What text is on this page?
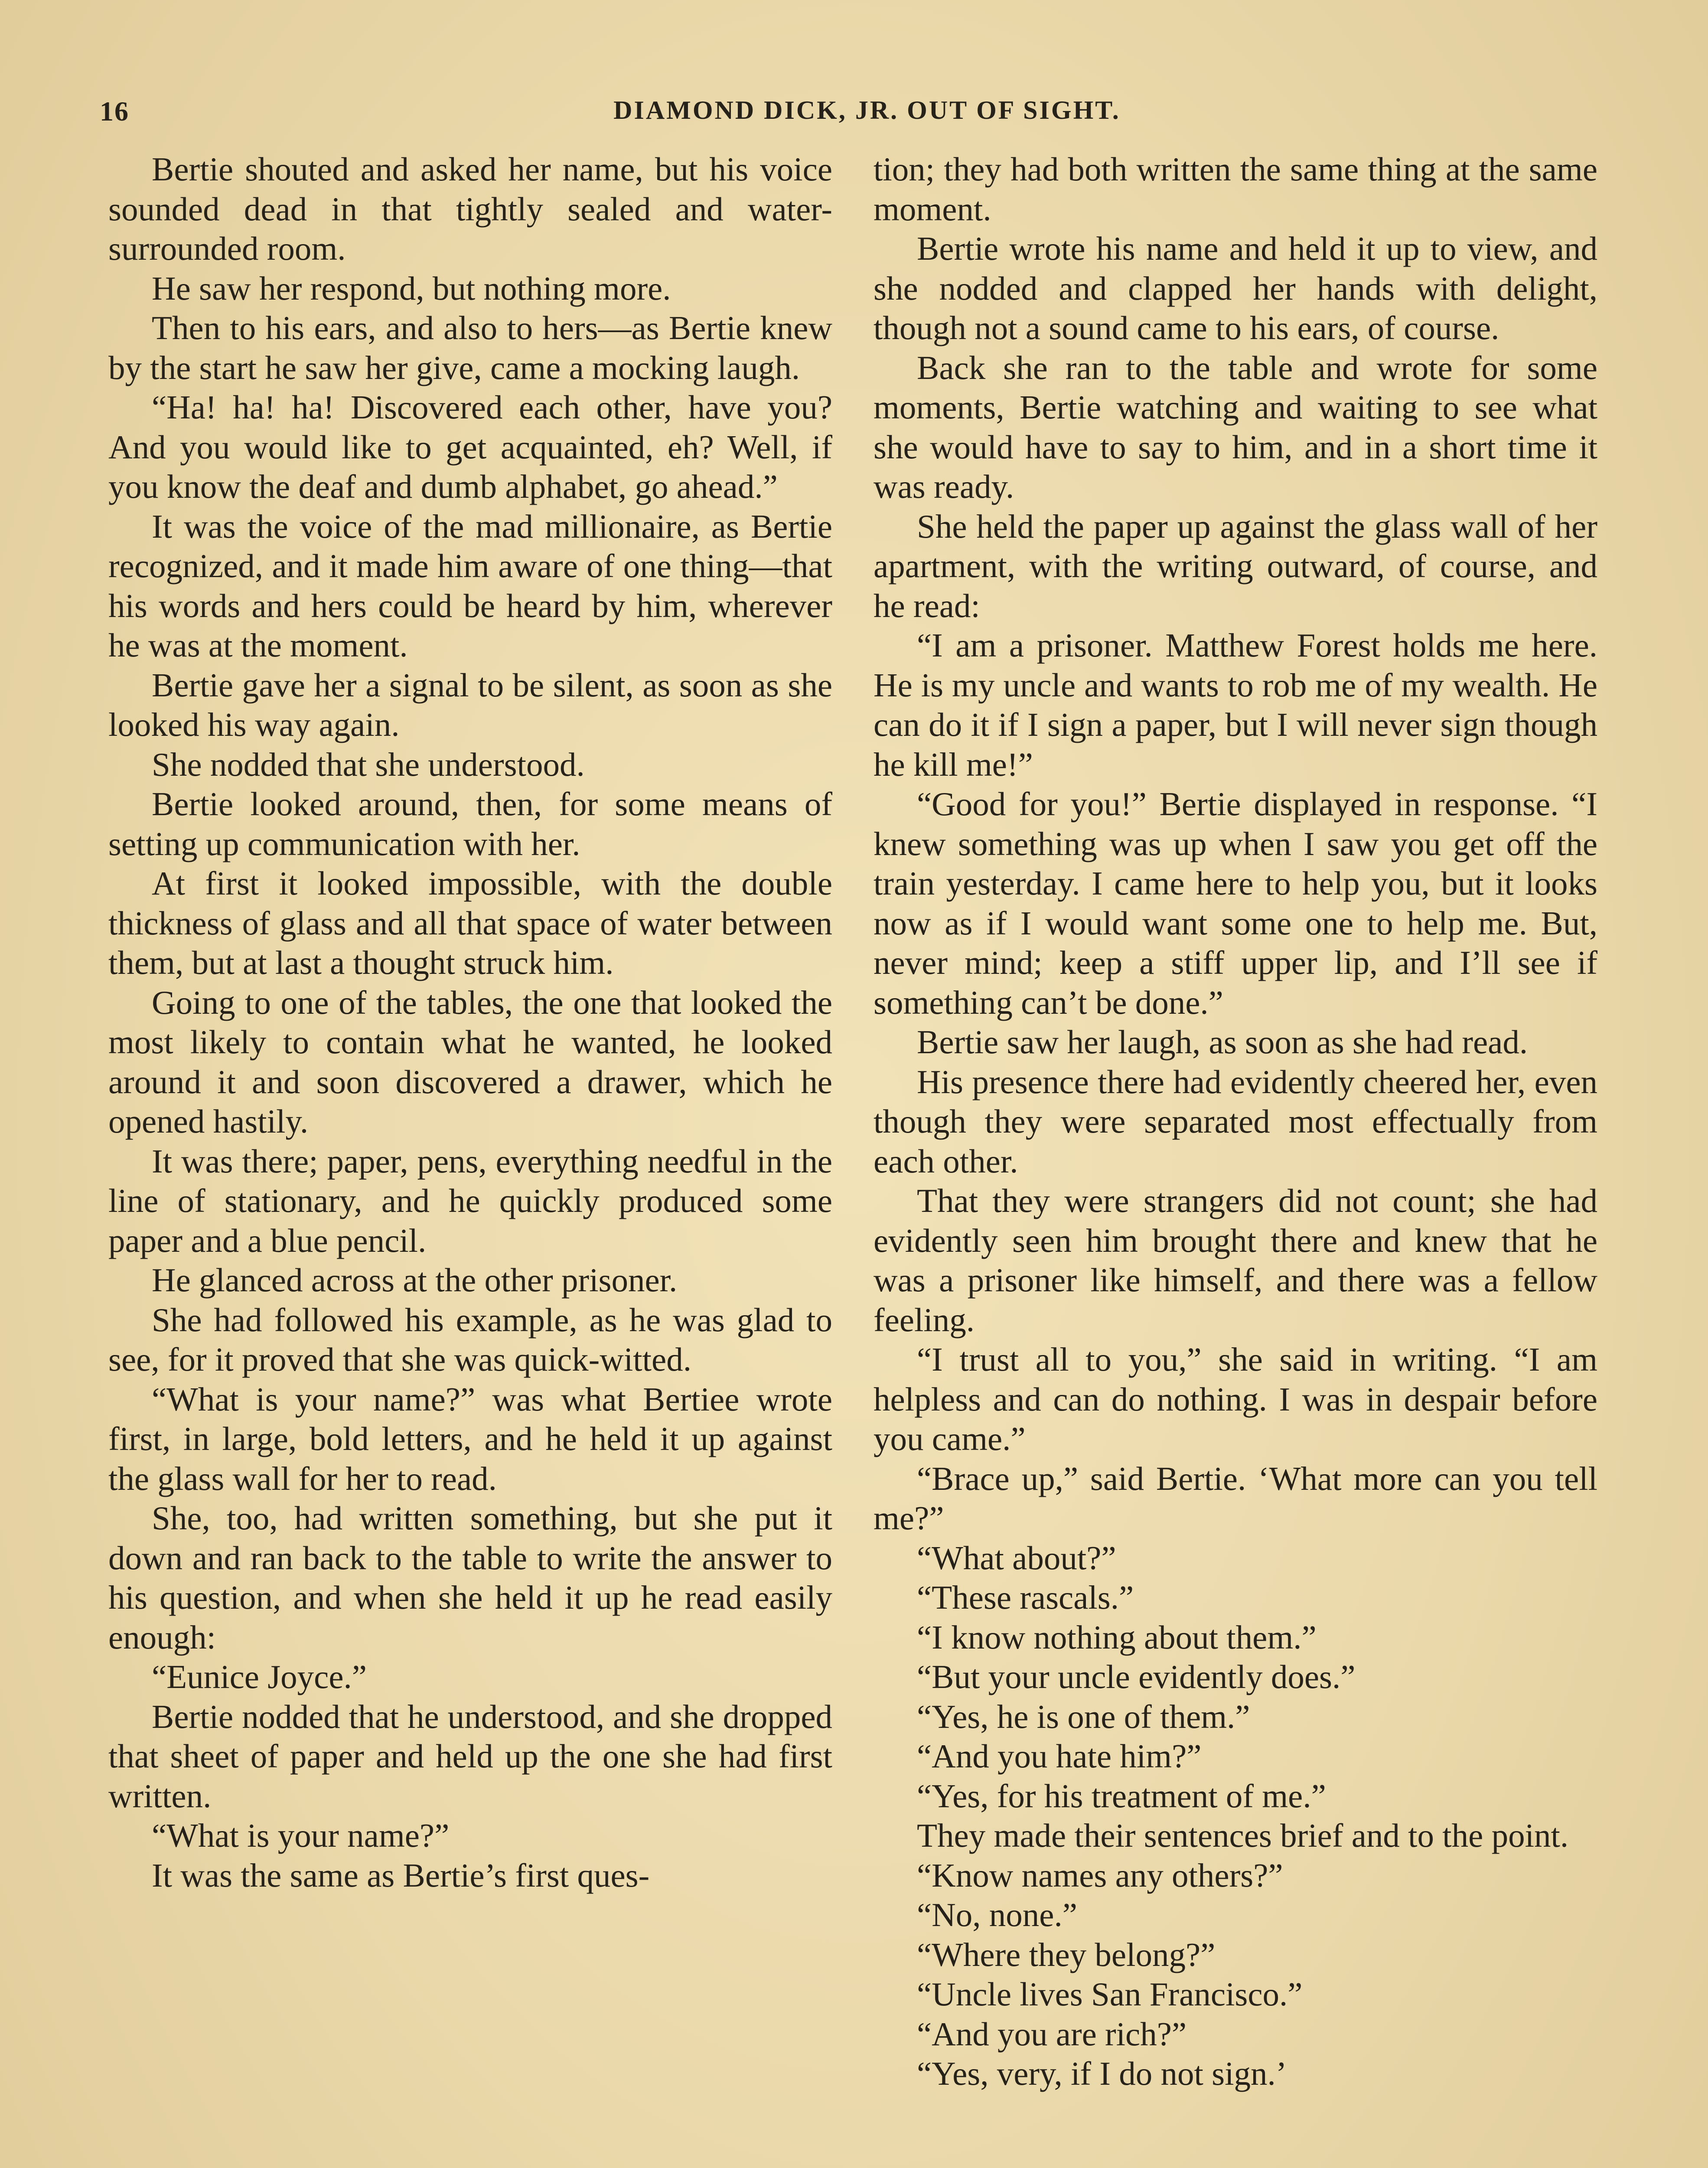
16	DIAMOND DICK, JR. OUT OF SIGHT.

Bertie shouted and asked her name, but his voice sounded dead in that tightly sealed and water-surrounded room.

He saw her respond, but nothing more.

Then to his ears, and also to hers—as Bertie knew by the start he saw her give, came a mocking laugh.

“Ha! ha! ha! Discovered each other, have you? And you would like to get acquainted, eh? Well, if you know the deaf and dumb alphabet, go ahead.”

It was the voice of the mad millionaire, as Bertie recognized, and it made him aware of one thing—that his words and hers could be heard by him, wherever he was at the moment.

Bertie gave her a signal to be silent, as soon as she looked his way again.

She nodded that she understood.

Bertie looked around, then, for some means of setting up communication with her.

At first it looked impossible, with the double thickness of glass and all that space of water between them, but at last a thought struck him.

Going to one of the tables, the one that looked the most likely to contain what he wanted, he looked around it and soon discovered a drawer, which he opened hastily.

It was there; paper, pens, everything needful in the line of stationary, and he quickly produced some paper and a blue pencil.

He glanced across at the other prisoner.

She had followed his example, as he was glad to see, for it proved that she was quick-witted.

“What is your name?” was what Bertiee wrote first, in large, bold letters, and he held it up against the glass wall for her to read.

She, too, had written something, but she put it down and ran back to the table to write the answer to his question, and when she held it up he read easily enough:

“Eunice Joyce.”

Bertie nodded that he understood, and she dropped that sheet of paper and held up the one she had first written.

“What is your name?”

It was the same as Bertie’s first ques-

tion; they had both written the same thing at the same moment.

Bertie wrote his name and held it up to view, and she nodded and clapped her hands with delight, though not a sound came to his ears, of course.

Back she ran to the table and wrote for some moments, Bertie watching and waiting to see what she would have to say to him, and in a short time it was ready.

She held the paper up against the glass wall of her apartment, with the writing outward, of course, and he read:

“I am a prisoner. Matthew Forest holds me here. He is my uncle and wants to rob me of my wealth. He can do it if I sign a paper, but I will never sign though he kill me!”

“Good for you!” Bertie displayed in response. “I knew something was up when I saw you get off the train yesterday. I came here to help you, but it looks now as if I would want some one to help me. But, never mind; keep a stiff upper lip, and I’ll see if something can’t be done.”

Bertie saw her laugh, as soon as she had read.

His presence there had evidently cheered her, even though they were separated most effectually from each other.

That they were strangers did not count; she had evidently seen him brought there and knew that he was a prisoner like himself, and there was a fellow feeling.

“I trust all to you,” she said in writing. “I am helpless and can do nothing. I was in despair before you came.”

“Brace up,” said Bertie. ‘What more can you tell me?”

“What about?”

“These rascals.”

“I know nothing about them.”

“But your uncle evidently does.”

“Yes, he is one of them.”

“And you hate him?”

“Yes, for his treatment of me.”

They made their sentences brief and to the point.

“Know names any others?”

“No, none.”

“Where they belong?”

“Uncle lives San Francisco.”

“And you are rich?”

“Yes, very, if I do not sign.’
